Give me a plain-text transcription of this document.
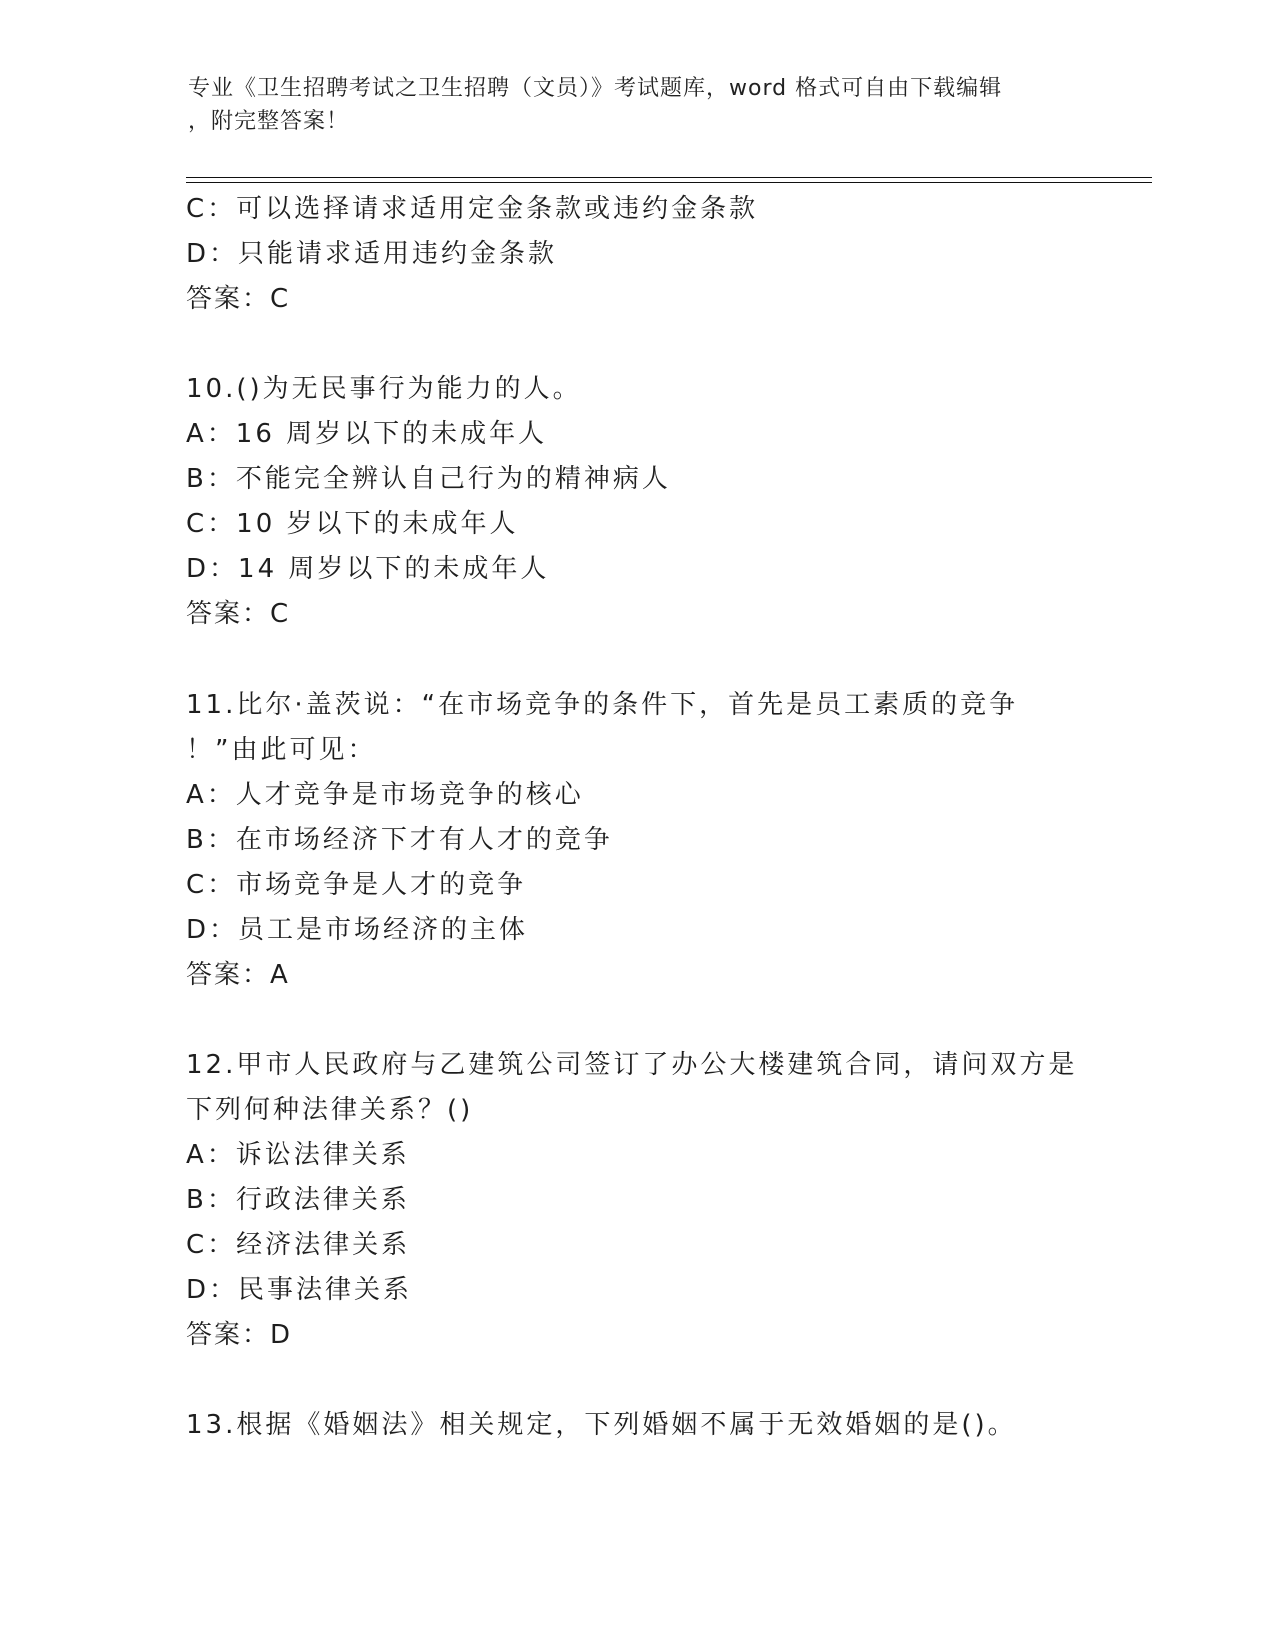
专业《卫生招聘考试之卫生招聘（文员）》考试题库，word 格式可自由下载编辑
，附完整答案！
C：可以选择请求适用定金条款或违约金条款
D：只能请求适用违约金条款
答案：C
10.()为无民事行为能力的人。
A：16 周岁以下的未成年人
B：不能完全辨认自己行为的精神病人
C：10 岁以下的未成年人
D：14 周岁以下的未成年人
答案：C
11.比尔·盖茨说：“在市场竞争的条件下，首先是员工素质的竞争
！”由此可见：
A：人才竞争是市场竞争的核心
B：在市场经济下才有人才的竞争
C：市场竞争是人才的竞争
D：员工是市场经济的主体
答案：A
12.甲市人民政府与乙建筑公司签订了办公大楼建筑合同，请问双方是
下列何种法律关系？()
A：诉讼法律关系
B：行政法律关系
C：经济法律关系
D：民事法律关系
答案：D
13.根据《婚姻法》相关规定，下列婚姻不属于无效婚姻的是()。
